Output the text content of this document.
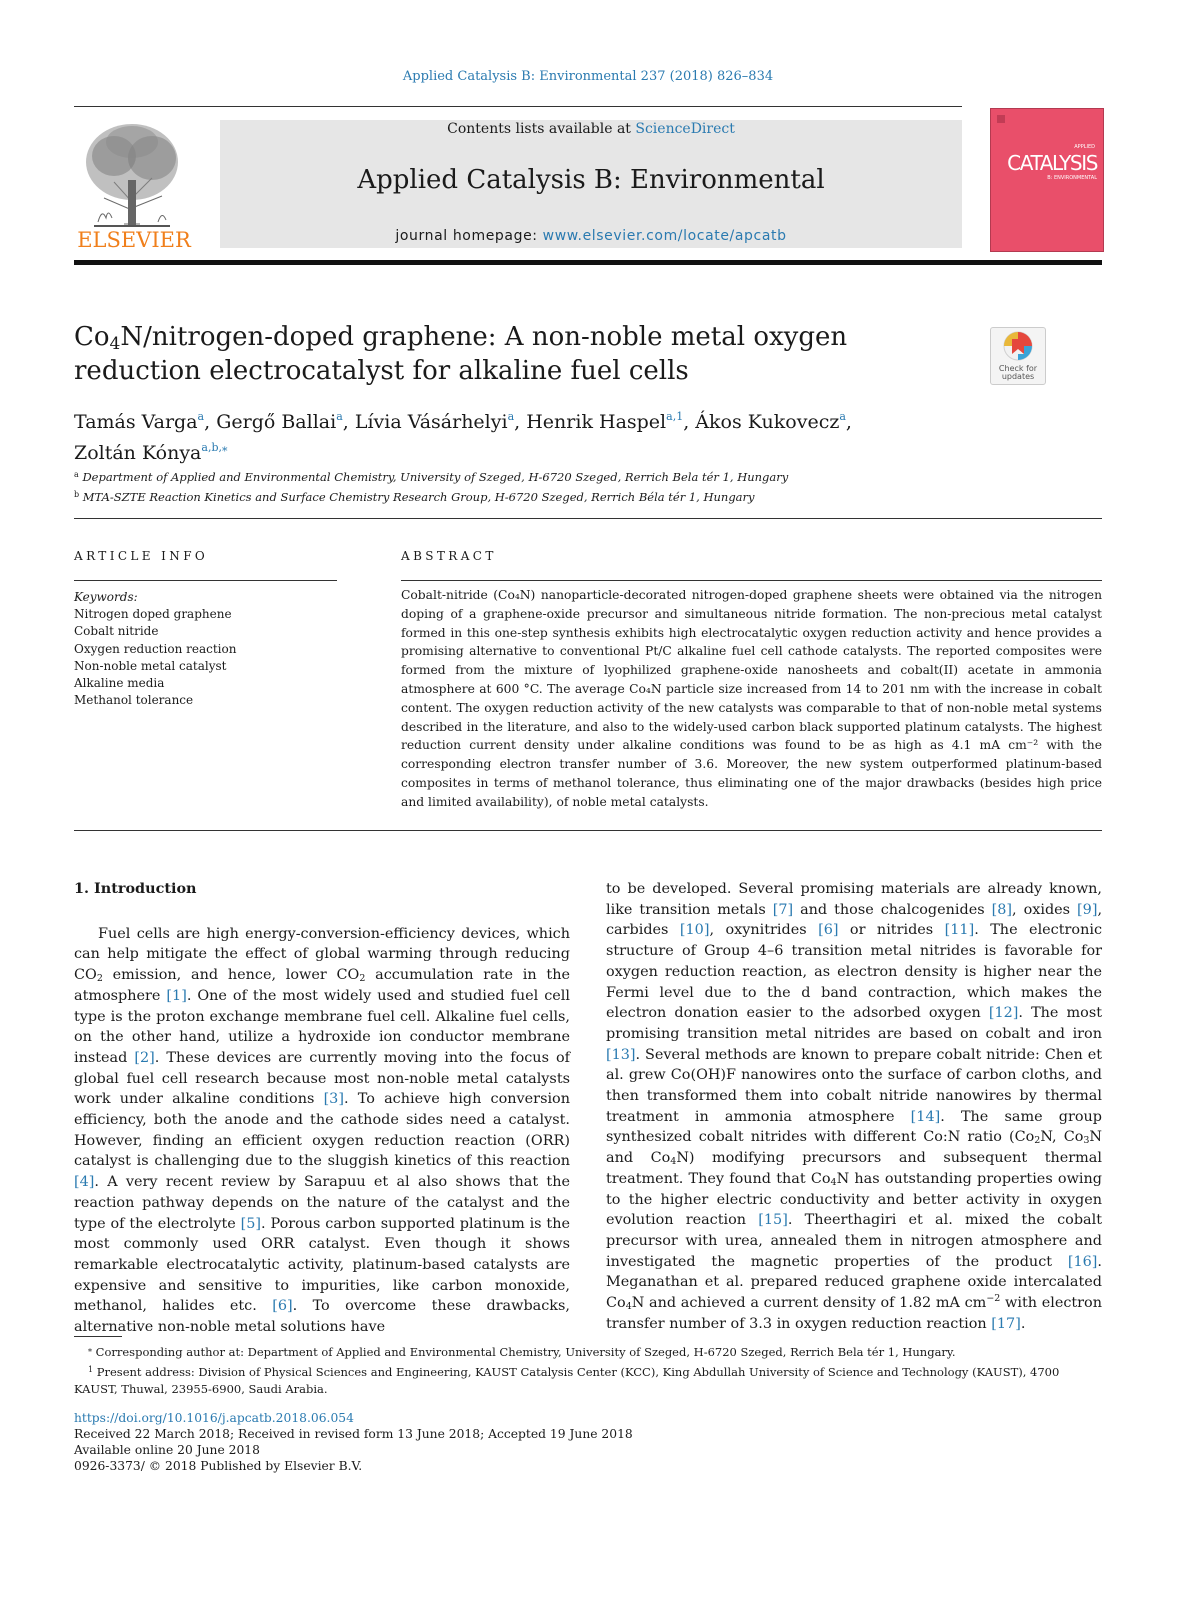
Applied Catalysis B: Environmental 237 (2018) 826–834
ELSEVIER
Contents lists available at ScienceDirect
Applied Catalysis B: Environmental
journal homepage: www.elsevier.com/locate/apcatb
APPLIED
CATALYSIS
B: ENVIRONMENTAL
$Co_4N/nitrogen$-doped graphene: A non-noble metal oxygen reduction electrocatalyst for alkaline fuel cells	Check for updates
Tamás Varga$^a$, Gergő Ballai$^a$, Lívia Vásárhelyi$^a$, Henrik Haspel$^{a,1}$, Ákos Kukovecz$^a$,
Zoltán Kónya$^{a,b,⁎}$
$^a$ Department of Applied and Environmental Chemistry, University of Szeged, H-6720 Szeged, Rerrich Bela tér 1, Hungary
$^b$ MTA-SZTE Reaction Kinetics and Surface Chemistry Research Group, H-6720 Szeged, Rerrich Béla tér 1, Hungary
ARTICLE INFO
Keywords:
Nitrogen doped graphene
Cobalt nitride
Oxygen reduction reaction
Non-noble metal catalyst
Alkaline media
Methanol tolerance
ABSTRACT
Cobalt-nitride (Co₄N) nanoparticle-decorated nitrogen-doped graphene sheets were obtained via the nitrogen doping of a graphene-oxide precursor and simultaneous nitride formation. The non-precious metal catalyst formed in this one-step synthesis exhibits high electrocatalytic oxygen reduction activity and hence provides a promising alternative to conventional Pt/C alkaline fuel cell cathode catalysts. The reported composites were formed from the mixture of lyophilized graphene-oxide nanosheets and cobalt(II) acetate in ammonia atmosphere at 600 °C. The average Co₄N particle size increased from 14 to 201 nm with the increase in cobalt content. The oxygen reduction activity of the new catalysts was comparable to that of non-noble metal systems described in the literature, and also to the widely-used carbon black supported platinum catalysts. The highest reduction current density under alkaline conditions was found to be as high as 4.1 mA cm⁻² with the corresponding electron transfer number of 3.6. Moreover, the new system outperformed platinum-based composites in terms of methanol tolerance, thus eliminating one of the major drawbacks (besides high price and limited availability), of noble metal catalysts.
1. Introduction

Fuel cells are high energy-conversion-efficiency devices, which can help mitigate the effect of global warming through reducing $CO_2$ emission, and hence, lower $CO_2$ accumulation rate in the atmosphere [1]. One of the most widely used and studied fuel cell type is the proton exchange membrane fuel cell. Alkaline fuel cells, on the other hand, utilize a hydroxide ion conductor membrane instead [2]. These devices are currently moving into the focus of global fuel cell research because most non-noble metal catalysts work under alkaline conditions [3]. To achieve high conversion efficiency, both the anode and the cathode sides need a catalyst. However, finding an efficient oxygen reduction reaction (ORR) catalyst is challenging due to the sluggish kinetics of this reaction [4]. A very recent review by Sarapuu et al also shows that the reaction pathway depends on the nature of the catalyst and the type of the electrolyte [5]. Porous carbon supported platinum is the most commonly used ORR catalyst. Even though it shows remarkable electrocatalytic activity, platinum-based catalysts are expensive and sensitive to impurities, like carbon monoxide, methanol, halides etc. [6]. To overcome these drawbacks, alternative non-noble metal solutions have

to be developed. Several promising materials are already known, like transition metals [7] and those chalcogenides [8], oxides [9], carbides [10], oxynitrides [6] or nitrides [11]. The electronic structure of Group 4–6 transition metal nitrides is favorable for oxygen reduction reaction, as electron density is higher near the Fermi level due to the d band contraction, which makes the electron donation easier to the adsorbed oxygen [12]. The most promising transition metal nitrides are based on cobalt and iron [13]. Several methods are known to prepare cobalt nitride: Chen et al. grew Co(OH)F nanowires onto the surface of carbon cloths, and then transformed them into cobalt nitride nanowires by thermal treatment in ammonia atmosphere [14]. The same group synthesized cobalt nitrides with different Co:N ratio ($Co_2N$, $Co_3N$ and $Co_4N$) modifying precursors and subsequent thermal treatment. They found that $Co_4N$ has outstanding properties owing to the higher electric conductivity and better activity in oxygen evolution reaction [15]. Theerthagiri et al. mixed the cobalt precursor with urea, annealed them in nitrogen atmosphere and investigated the magnetic properties of the product [16]. Meganathan et al. prepared reduced graphene oxide intercalated $Co_4N$ and achieved a current density of 1.82 mA $cm^{-2}$ with electron transfer number of 3.3 in oxygen reduction reaction [17].

⁎ Corresponding author at: Department of Applied and Environmental Chemistry, University of Szeged, H-6720 Szeged, Rerrich Bela tér 1, Hungary.

$^1$ Present address: Division of Physical Sciences and Engineering, KAUST Catalysis Center (KCC), King Abdullah University of Science and Technology (KAUST), 4700 KAUST, Thuwal, 23955-6900, Saudi Arabia.

https://doi.org/10.1016/j.apcatb.2018.06.054
Received 22 March 2018; Received in revised form 13 June 2018; Accepted 19 June 2018
Available online 20 June 2018
0926-3373/ © 2018 Published by Elsevier B.V.
